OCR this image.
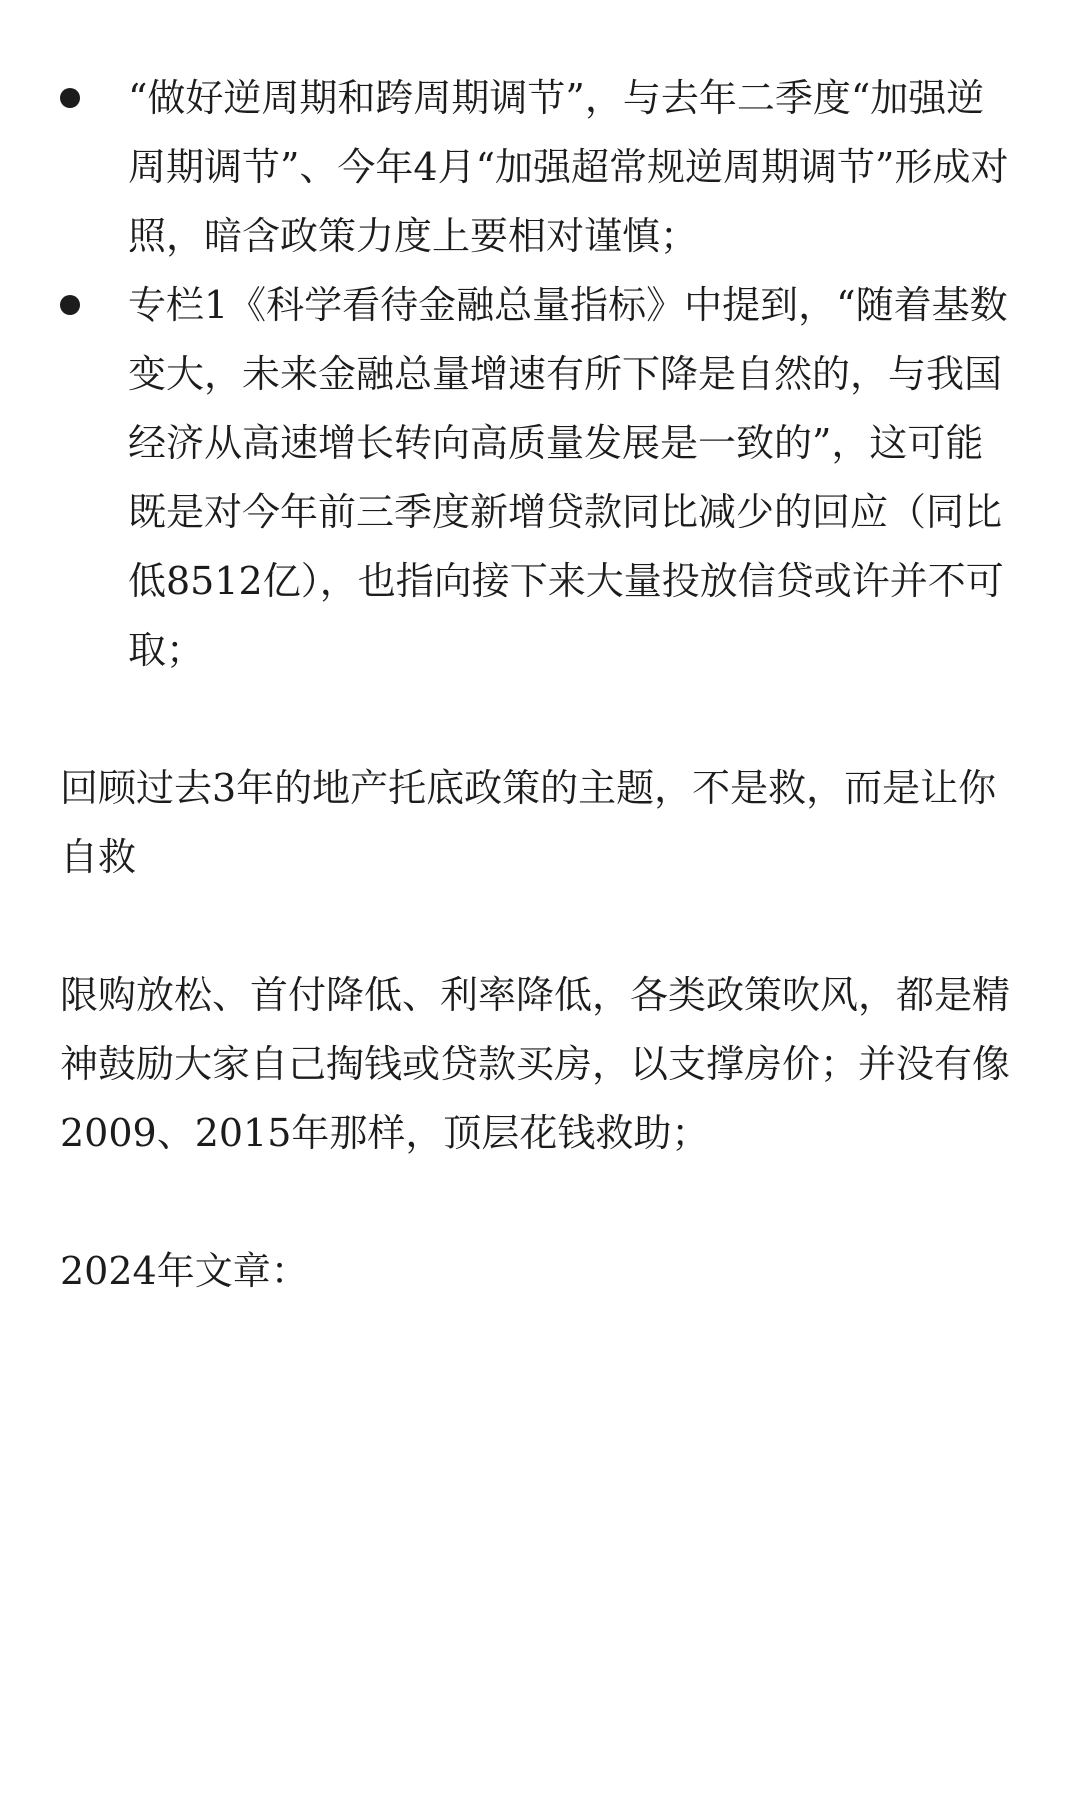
“做好逆周期和跨周期调节”，与去年二季度“加强逆周期调节”、今年4月“加强超常规逆周期调节”形成对照，暗含政策力度上要相对谨慎；
专栏1《科学看待金融总量指标》中提到，“随着基数变大，未来金融总量增速有所下降是自然的，与我国经济从高速增长转向高质量发展是一致的”，这可能既是对今年前三季度新增贷款同比减少的回应（同比低8512亿），也指向接下来大量投放信贷或许并不可取；

回顾过去3年的地产托底政策的主题，不是救，而是让你自救

限购放松、首付降低、利率降低，各类政策吹风，都是精神鼓励大家自己掏钱或贷款买房，以支撑房价；并没有像2009、2015年那样，顶层花钱救助；

2024年文章：
